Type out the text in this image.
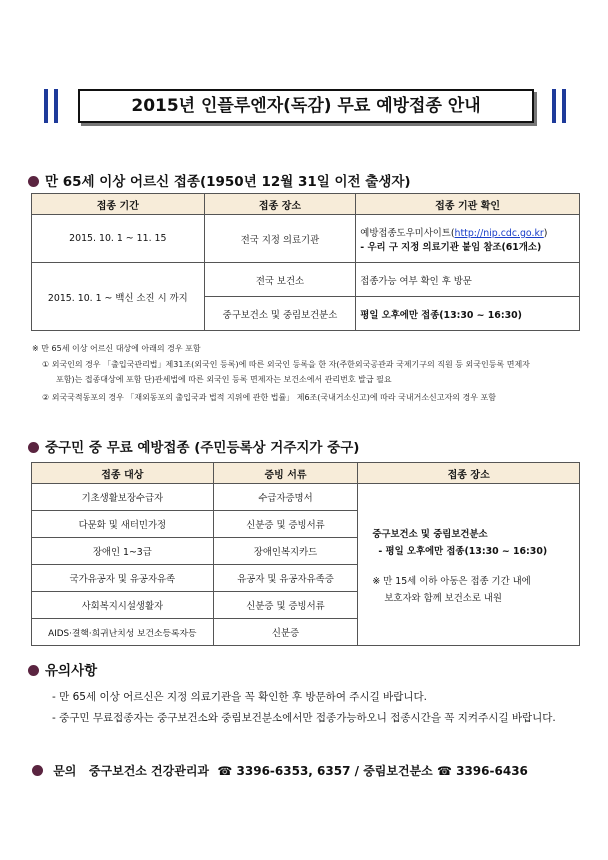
2015년 인플루엔자(독감) 무료 예방접종 안내
만 65세 이상 어르신 접종(1950년 12월 31일 이전 출생자)
접종 기간	접종 장소	접종 기관 확인
2015. 10. 1 ~ 11. 15	전국 지정 의료기관	예방접종도우미사이트(http://nip.cdc.go.kr)
- 우리 구 지정 의료기관 붙임 참조(61개소)

2015. 10. 1 ~ 백신 소진 시 까지	전국 보건소	접종가능 여부 확인 후 방문
	중구보건소 및 중림보건분소	평일 오후에만 접종(13:30 ~ 16:30)
※ 만 65세 이상 어르신 대상에 아래의 경우 포함
① 외국인의 경우 「출입국관리법」제31조(외국인 등록)에 따른 외국인 등록을 한 자(주한외국공관과 국제기구의 직원 등 외국인등록 면제자
포함)는 접종대상에 포함 단)관세법에 따른 외국인 등록 면제자는 보건소에서 관리번호 발급 필요
② 외국국적동포의 경우 「재외동포의 출입국과 법적 지위에 관한 법률」 제6조(국내거소신고)에 따라 국내거소신고자의 경우 포함
중구민 중 무료 예방접종 (주민등록상 거주지가 중구)
접종 대상	증빙 서류	접종 장소
기초생활보장수급자	수급자증명서	중구보건소 및 중림보건분소
- 평일 오후에만 접종(13:30 ~ 16:30)
※ 만 15세 이하 아동은 접종 기간 내에
보호자와 함께 보건소로 내원

다문화 및 새터민가정	신분증 및 증빙서류	
장애인 1~3급	장애인복지카드	
국가유공자 및 유공자유족	유공자 및 유공자유족증	
사회복지시설생활자	신분증 및 증빙서류	
AIDS·결핵·희귀난치성 보건소등록자등	신분증	
유의사항
- 만 65세 이상 어르신은 지정 의료기관을 꼭 확인한 후 방문하여 주시길 바랍니다.
- 중구민 무료접종자는 중구보건소와 중림보건분소에서만 접종가능하오니 접종시간을 꼭 지켜주시길 바랍니다.
문의 중구보건소 건강관리과 ☎ 3396-6353, 6357 / 중림보건분소 ☎ 3396-6436
